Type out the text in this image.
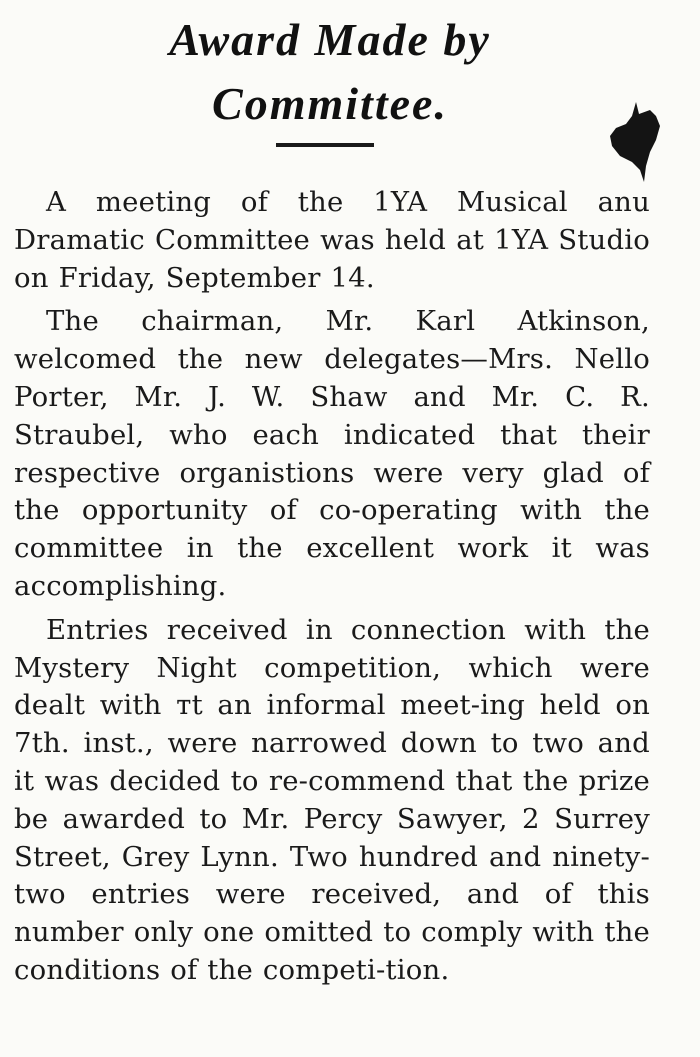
Award Made by
Committee.

A meeting of the 1YA Musical anu Dramatic Committee was held at 1YA Studio on Friday, September 14.

The chairman, Mr. Karl Atkinson, welcomed the new delegates—Mrs. Nello Porter, Mr. J. W. Shaw and Mr. C. R. Straubel, who each indicated that their respective organistions were very glad of the opportunity of co-operating with the committee in the excellent work it was accomplishing.

Entries received in connection with the Mystery Night competition, which were dealt with ᴛt an informal meet-ing held on 7th. inst., were narrowed down to two and it was decided to re-commend that the prize be awarded to Mr. Percy Sawyer, 2 Surrey Street, Grey Lynn. Two hundred and ninety-two entries were received, and of this number only one omitted to comply with the conditions of the competi-tion.
